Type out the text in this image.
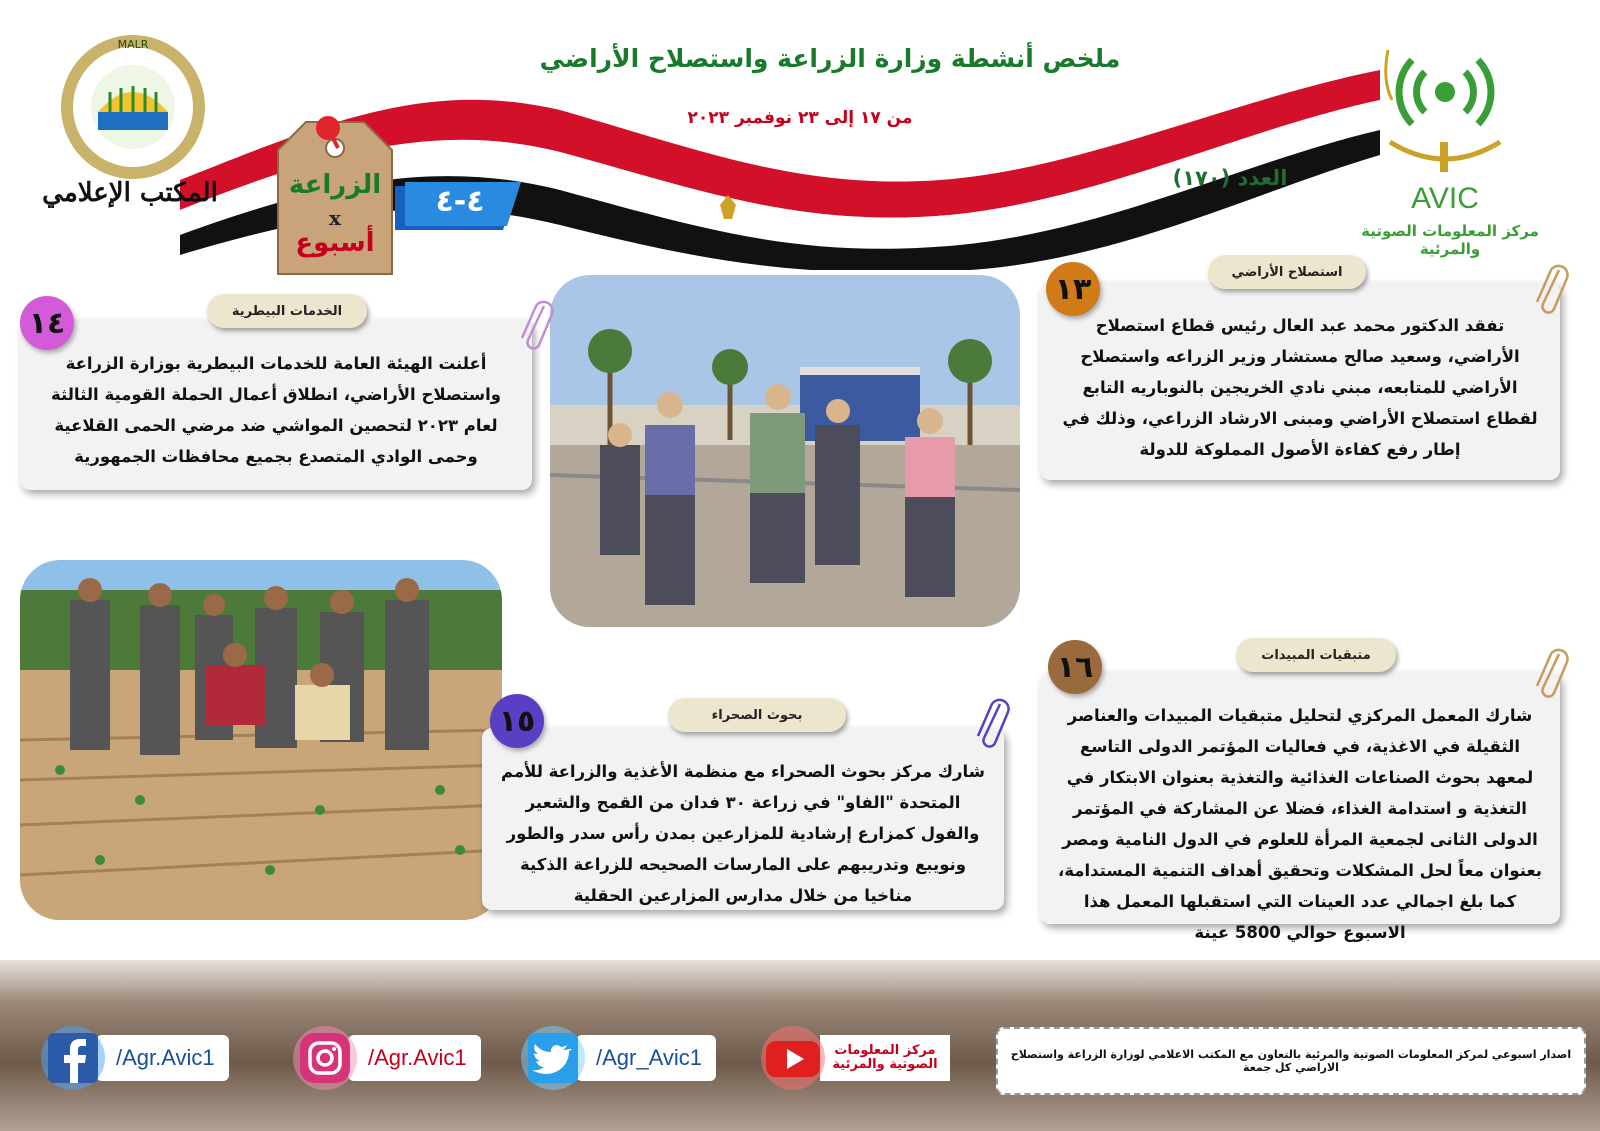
ملخص أنشطة وزارة الزراعة واستصلاح الأراضي
من ١٧ إلى ٢٣ نوفمبر ٢٠٢٣
العدد (١٧٠)
MALR
المكتب الإعلامي	AVIC
مركز المعلومات الصوتية والمرئية
الزراعة
x
أسبوع
٤-٤
تفقد الدكتور محمد عبد العال رئيس قطاع استصلاح الأراضي، وسعيد صالح مستشار وزير الزراعه واستصلاح الأراضي للمتابعه، مبني نادي الخريجين بالنوباريه التابع لقطاع استصلاح الأراضي ومبنى الارشاد الزراعي، وذلك في إطار رفع كفاءة الأصول المملوكة للدولة
استصلاح الأراضي
١٣
أعلنت الهيئة العامة للخدمات البيطرية بوزارة الزراعة واستصلاح الأراضي، انطلاق أعمال الحملة القومية الثالثة لعام ٢٠٢٣ لتحصين المواشي ضد مرضي الحمى القلاعية وحمى الوادي المتصدع بجميع محافظات الجمهورية
الخدمات البيطرية
١٤
شارك مركز بحوث الصحراء مع منظمة الأغذية والزراعة للأمم المتحدة "الفاو" في زراعة ٣٠ فدان من القمح والشعير والفول كمزارع إرشادية للمزارعين بمدن رأس سدر والطور ونويبع وتدريبهم على المارسات الصحيحه للزراعة الذكية مناخيا من خلال مدارس المزارعين الحقلية
بحوث الصحراء
١٥	شارك المعمل المركزي لتحليل متبقيات المبيدات والعناصر الثقيلة في الاغذية، في فعاليات المؤتمر الدولى التاسع لمعهد بحوث الصناعات الغذائية والتغذية بعنوان الابتكار في التغذية و استدامة الغذاء، فضلا عن المشاركة في المؤتمر الدولى الثانى لجمعية المرأة للعلوم في الدول النامية ومصر بعنوان معاً لحل المشكلات وتحقيق أهداف التنمية المستدامة، كما بلغ اجمالي عدد العينات التي استقبلها المعمل هذا الاسبوع حوالي 5800 عينة
متبقيات المبيدات
١٦
/Agr.Avic1	/Agr.Avic1	/Agr_Avic1	مركز المعلومات الصوتية والمرئية
اصدار اسبوعي لمركز المعلومات الصوتية والمرئية بالتعاون مع المكتب الاعلامي لوزارة الزراعة واستصلاح الاراضي كل جمعة
